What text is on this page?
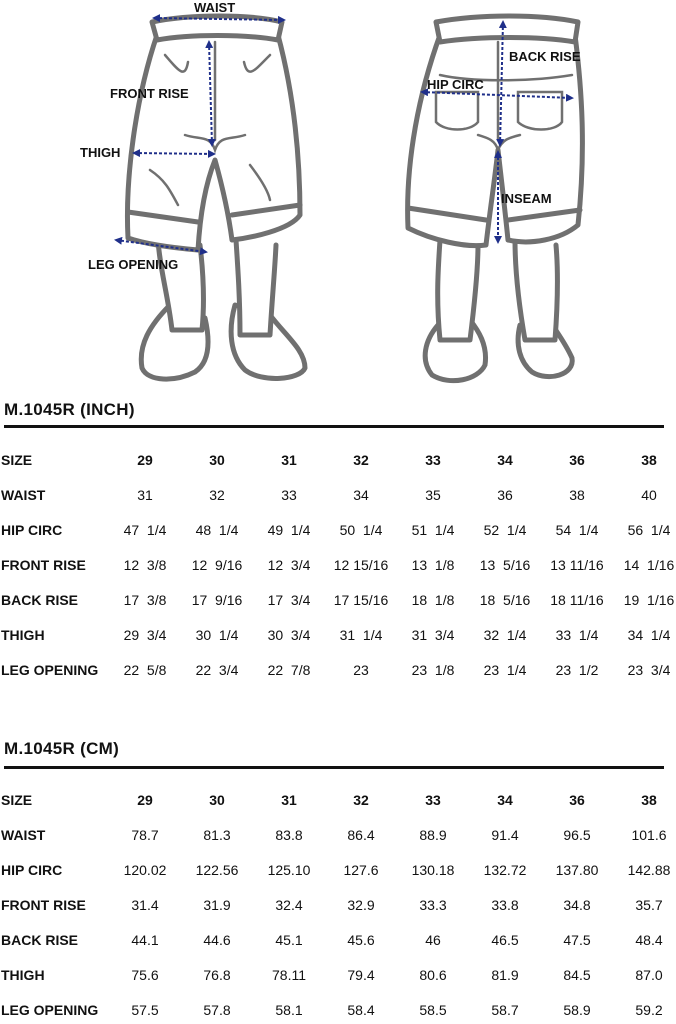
WAIST
FRONT RISE
THIGH
LEG OPENING
BACK RISE
HIP CIRC
INSEAM
M.1045R (INCH)
SIZE	29	30	31	32	33	34	36	38
WAIST	31	32	33	34	35	36	38	40
HIP CIRC	47  1/4	48  1/4	49  1/4	50  1/4	51  1/4	52  1/4	54  1/4	56  1/4
FRONT RISE	12  3/8	12  9/16	12  3/4	12 15/16	13  1/8	13  5/16	13 11/16	14  1/16
BACK RISE	17  3/8	17  9/16	17  3/4	17 15/16	18  1/8	18  5/16	18 11/16	19  1/16
THIGH	29  3/4	30  1/4	30  3/4	31  1/4	31  3/4	32  1/4	33  1/4	34  1/4
LEG OPENING	22  5/8	22  3/4	22  7/8	23	23  1/8	23  1/4	23  1/2	23  3/4
M.1045R (CM)
SIZE	29	30	31	32	33	34	36	38
WAIST	78.7	81.3	83.8	86.4	88.9	91.4	96.5	101.6
HIP CIRC	120.02	122.56	125.10	127.6	130.18	132.72	137.80	142.88
FRONT RISE	31.4	31.9	32.4	32.9	33.3	33.8	34.8	35.7
BACK RISE	44.1	44.6	45.1	45.6	46	46.5	47.5	48.4
THIGH	75.6	76.8	78.11	79.4	80.6	81.9	84.5	87.0
LEG OPENING	57.5	57.8	58.1	58.4	58.5	58.7	58.9	59.2
